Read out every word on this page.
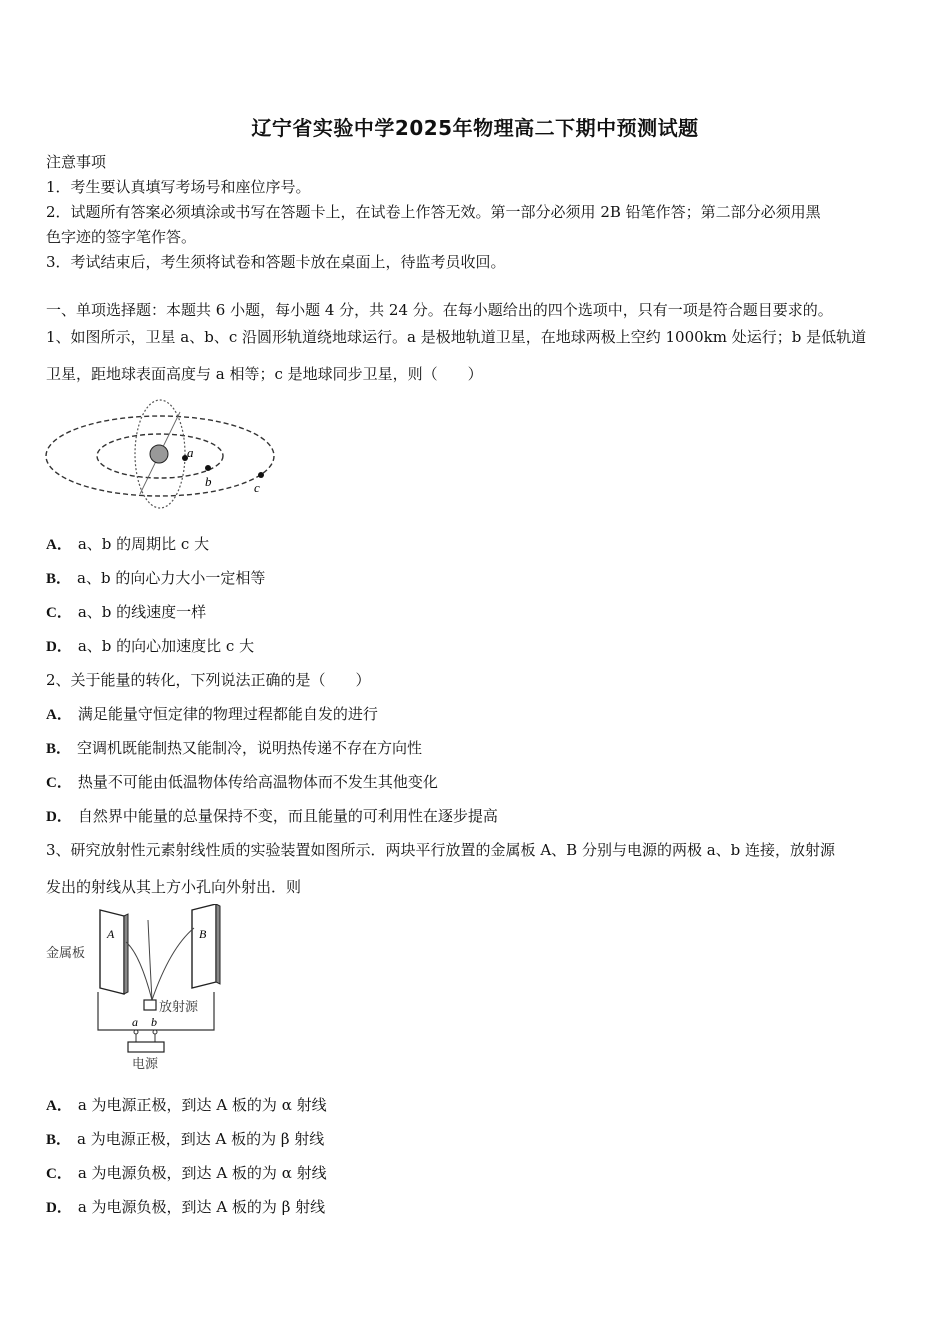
辽宁省实验中学2025年物理高二下期中预测试题
注意事项
1．考生要认真填写考场号和座位序号。
2．试题所有答案必须填涂或书写在答题卡上，在试卷上作答无效。第一部分必须用 2B 铅笔作答；第二部分必须用黑
色字迹的签字笔作答。
3．考试结束后，考生须将试卷和答题卡放在桌面上，待监考员收回。
一、单项选择题：本题共 6 小题，每小题 4 分，共 24 分。在每小题给出的四个选项中，只有一项是符合题目要求的。
1、如图所示，卫星 a、b、c 沿圆形轨道绕地球运行。a 是极地轨道卫星，在地球两极上空约 1000km 处运行；b 是低轨道
卫星，距地球表面高度与 a 相等；c 是地球同步卫星，则（　　）
a
b	c
A． a、b 的周期比 c 大
B． a、b 的向心力大小一定相等
C． a、b 的线速度一样
D． a、b 的向心加速度比 c 大
2、关于能量的转化，下列说法正确的是（　　）
A． 满足能量守恒定律的物理过程都能自发的进行
B． 空调机既能制热又能制冷，说明热传递不存在方向性
C． 热量不可能由低温物体传给高温物体而不发生其他变化
D． 自然界中能量的总量保持不变，而且能量的可利用性在逐步提高
3、研究放射性元素射线性质的实验装置如图所示．两块平行放置的金属板 A、B 分别与电源的两极 a、b 连接，放射源
发出的射线从其上方小孔向外射出．则
A	B
金属板
放射源
a b
电源
A． a 为电源正极，到达 A 板的为 α 射线
B． a 为电源正极，到达 A 板的为 β 射线
C． a 为电源负极，到达 A 板的为 α 射线
D． a 为电源负极，到达 A 板的为 β 射线
